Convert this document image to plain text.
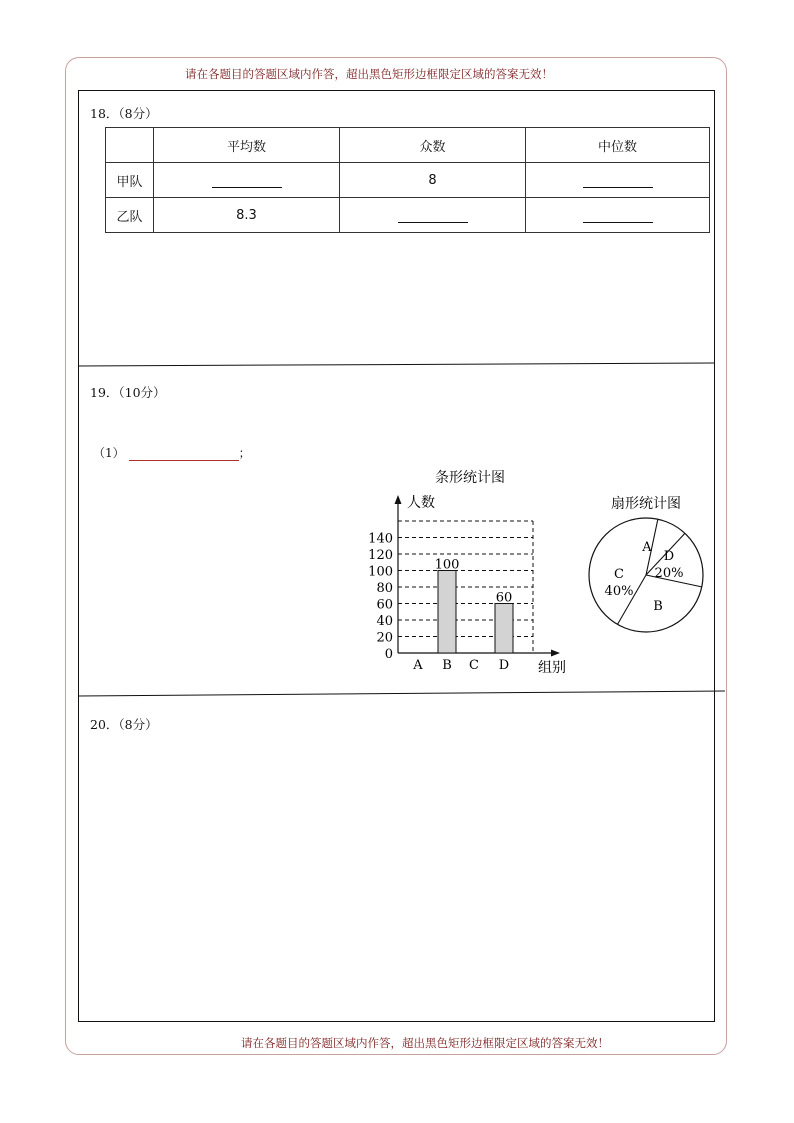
请在各题目的答题区域内作答，超出黑色矩形边框限定区域的答案无效！
18．（8分）
	平均数	众数	中位数
甲队		8	
乙队	8.3		
19．（10分）
（1）	；
条形统计图
人数
组别
100
60
0
20
40
60
80
100
120
140
A B C D
扇形统计图
A
D
20%
B
C
40%
20．（8分）
请在各题目的答题区域内作答，超出黑色矩形边框限定区域的答案无效！
